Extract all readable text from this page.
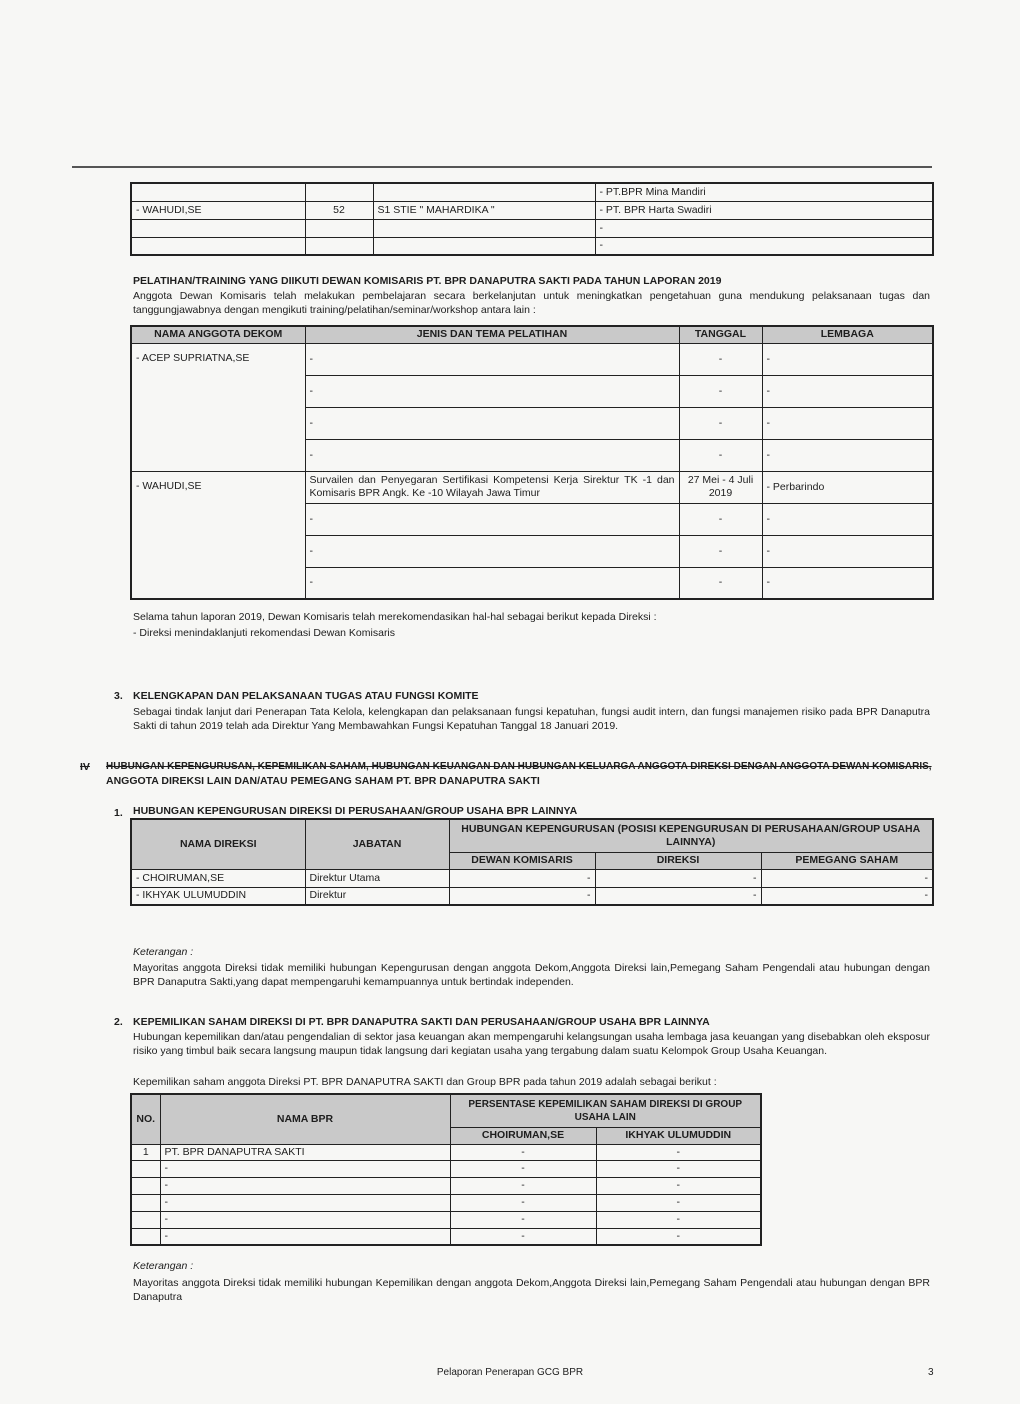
			- PT.BPR Mina Mandiri
- WAHUDI,SE	52	S1 STIE " MAHARDIKA "	- PT. BPR Harta Swadiri
			-
			-
PELATIHAN/TRAINING YANG DIIKUTI DEWAN KOMISARIS PT. BPR DANAPUTRA SAKTI PADA TAHUN LAPORAN 2019
Anggota Dewan Komisaris telah melakukan pembelajaran secara berkelanjutan untuk meningkatkan pengetahuan guna mendukung pelaksanaan tugas dan tanggungjawabnya dengan mengikuti training/pelatihan/seminar/workshop antara lain :
NAMA ANGGOTA DEKOM	JENIS DAN TEMA PELATIHAN	TANGGAL	LEMBAGA
- ACEP SUPRIATNA,SE	-	-	-
	-	-	-
	-	-	-
	-	-	-
- WAHUDI,SE	Survailen dan Penyegaran Sertifikasi Kompetensi Kerja Sirektur TK -1 dan Komisaris BPR Angk. Ke -10 Wilayah Jawa Timur	27 Mei - 4 Juli 2019	- Perbarindo
	-	-	-
	-	-	-
	-	-	-
Selama tahun laporan 2019, Dewan Komisaris telah merekomendasikan hal-hal sebagai berikut kepada Direksi :
- Direksi menindaklanjuti rekomendasi Dewan Komisaris
3. KELENGKAPAN DAN PELAKSANAAN TUGAS ATAU FUNGSI KOMITE
Sebagai tindak lanjut dari Penerapan Tata Kelola, kelengkapan dan pelaksanaan fungsi kepatuhan, fungsi audit intern, dan fungsi manajemen risiko pada BPR Danaputra Sakti di tahun 2019 telah ada Direktur Yang Membawahkan Fungsi Kepatuhan Tanggal 18 Januari 2019.
IV HUBUNGAN KEPENGURUSAN, KEPEMILIKAN SAHAM, HUBUNGAN KEUANGAN DAN HUBUNGAN KELUARGA ANGGOTA DIREKSI DENGAN ANGGOTA DEWAN KOMISARIS,
ANGGOTA DIREKSI LAIN DAN/ATAU PEMEGANG SAHAM PT. BPR DANAPUTRA SAKTI
1. HUBUNGAN KEPENGURUSAN DIREKSI DI PERUSAHAAN/GROUP USAHA BPR LAINNYA
NAMA DIREKSI	JABATAN	HUBUNGAN KEPENGURUSAN (POSISI KEPENGURUSAN DI PERUSAHAAN/GROUP USAHA LAINNYA)		
		DEWAN KOMISARIS	DIREKSI	PEMEGANG SAHAM
- CHOIRUMAN,SE	Direktur Utama	-	-	-
- IKHYAK ULUMUDDIN	Direktur	-	-	-
Keterangan :
Mayoritas anggota Direksi tidak memiliki hubungan Kepengurusan dengan anggota Dekom,Anggota Direksi lain,Pemegang Saham Pengendali atau hubungan dengan BPR Danaputra Sakti,yang dapat mempengaruhi kemampuannya untuk bertindak independen.
2. KEPEMILIKAN SAHAM DIREKSI DI PT. BPR DANAPUTRA SAKTI DAN PERUSAHAAN/GROUP USAHA BPR LAINNYA
Hubungan kepemilikan dan/atau pengendalian di sektor jasa keuangan akan mempengaruhi kelangsungan usaha lembaga jasa keuangan yang disebabkan oleh eksposur risiko yang timbul baik secara langsung maupun tidak langsung dari kegiatan usaha yang tergabung dalam suatu Kelompok Group Usaha Keuangan.
Kepemilikan saham anggota Direksi PT. BPR DANAPUTRA SAKTI dan Group BPR pada tahun 2019 adalah sebagai berikut :
NO.	NAMA BPR	PERSENTASE KEPEMILIKAN SAHAM DIREKSI DI GROUP USAHA LAIN	
		CHOIRUMAN,SE	IKHYAK ULUMUDDIN
1	PT. BPR DANAPUTRA SAKTI	-	-
	-	-	-
	-	-	-
	-	-	-
	-	-	-
	-	-	-
Keterangan :
Mayoritas anggota Direksi tidak memiliki hubungan Kepemilikan dengan anggota Dekom,Anggota Direksi lain,Pemegang Saham Pengendali atau hubungan dengan BPR Danaputra
Pelaporan Penerapan GCG BPR	3
